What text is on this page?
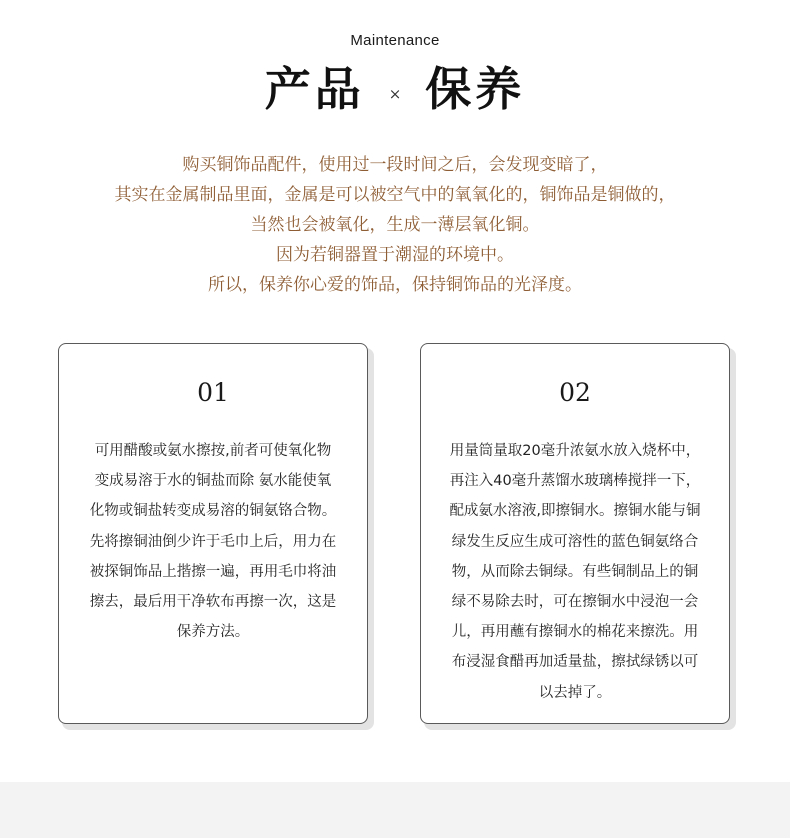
Maintenance
产品 × 保养
购买铜饰品配件，使用过一段时间之后，会发现变暗了，
其实在金属制品里面，金属是可以被空气中的氧氧化的，铜饰品是铜做的，
当然也会被氧化，生成一薄层氧化铜。
因为若铜器置于潮湿的环境中。
所以，保养你心爱的饰品，保持铜饰品的光泽度。
01
可用醋酸或氨水擦按,前者可使氧化物
变成易溶于水的铜盐而除 氨水能使氧
化物或铜盐转变成易溶的铜氨铬合物。
先将擦铜油倒少许于毛巾上后，用力在
被探铜饰品上揩擦一遍，再用毛巾将油
擦去，最后用干净软布再擦一次，这是
保养方法。
02
用量筒量取20毫升浓氨水放入烧杯中，
再注入40毫升蒸馏水玻璃棒搅拌一下，
配成氨水溶液,即擦铜水。擦铜水能与铜
绿发生反应生成可溶性的蓝色铜氨络合
物，从而除去铜绿。有些铜制品上的铜
绿不易除去时，可在擦铜水中浸泡一会
儿，再用蘸有擦铜水的棉花来擦洗。用
布浸湿食醋再加适量盐，擦拭绿锈以可
以去掉了。
